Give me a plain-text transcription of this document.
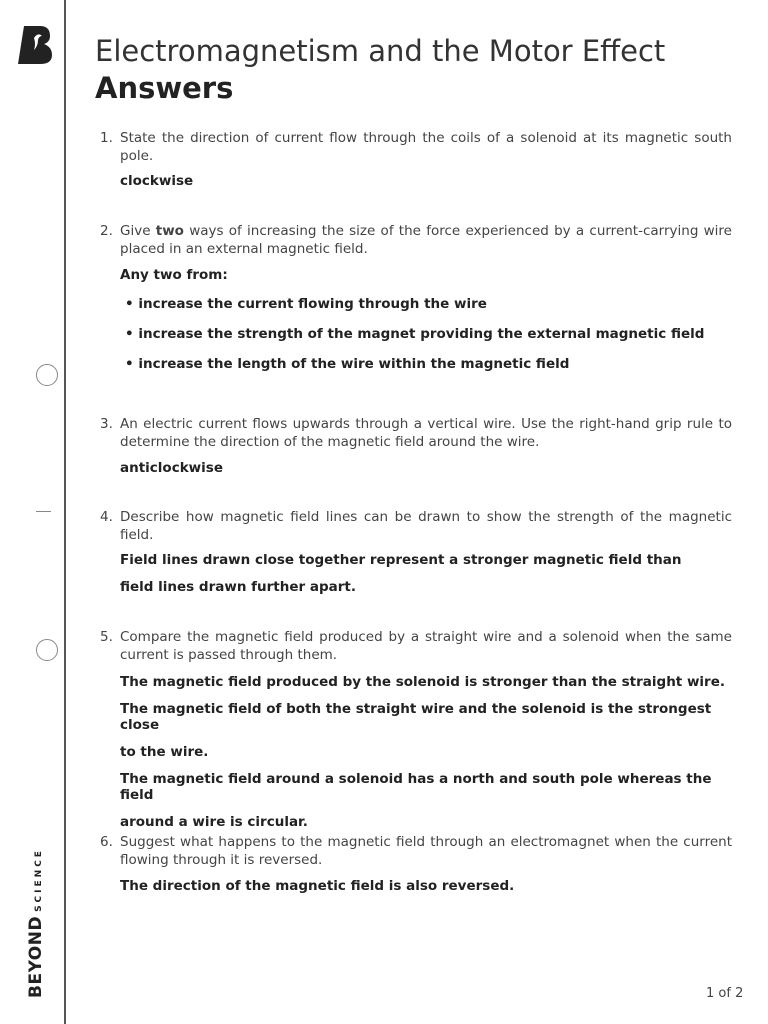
BEYONDSCIENCE
Electromagnetism and the Motor Effect
Answers
1. State the direction of current flow through the coils of a solenoid at its magnetic south pole.
clockwise
2. Give two ways of increasing the size of the force experienced by a current-carrying wire placed in an external magnetic field.
Any two from:
• increase the current flowing through the wire
• increase the strength of the magnet providing the external magnetic field
• increase the length of the wire within the magnetic field
3. An electric current flows upwards through a vertical wire. Use the right-hand grip rule to determine the direction of the magnetic field around the wire.
anticlockwise
4. Describe how magnetic field lines can be drawn to show the strength of the magnetic field.
Field lines drawn close together represent a stronger magnetic field than
field lines drawn further apart.
5. Compare the magnetic field produced by a straight wire and a solenoid when the same current is passed through them.
The magnetic field produced by the solenoid is stronger than the straight wire.
The magnetic field of both the straight wire and the solenoid is the strongest close
to the wire.
The magnetic field around a solenoid has a north and south pole whereas the field
around a wire is circular.
6. Suggest what happens to the magnetic field through an electromagnet when the current flowing through it is reversed.
The direction of the magnetic field is also reversed.
1 of 2
